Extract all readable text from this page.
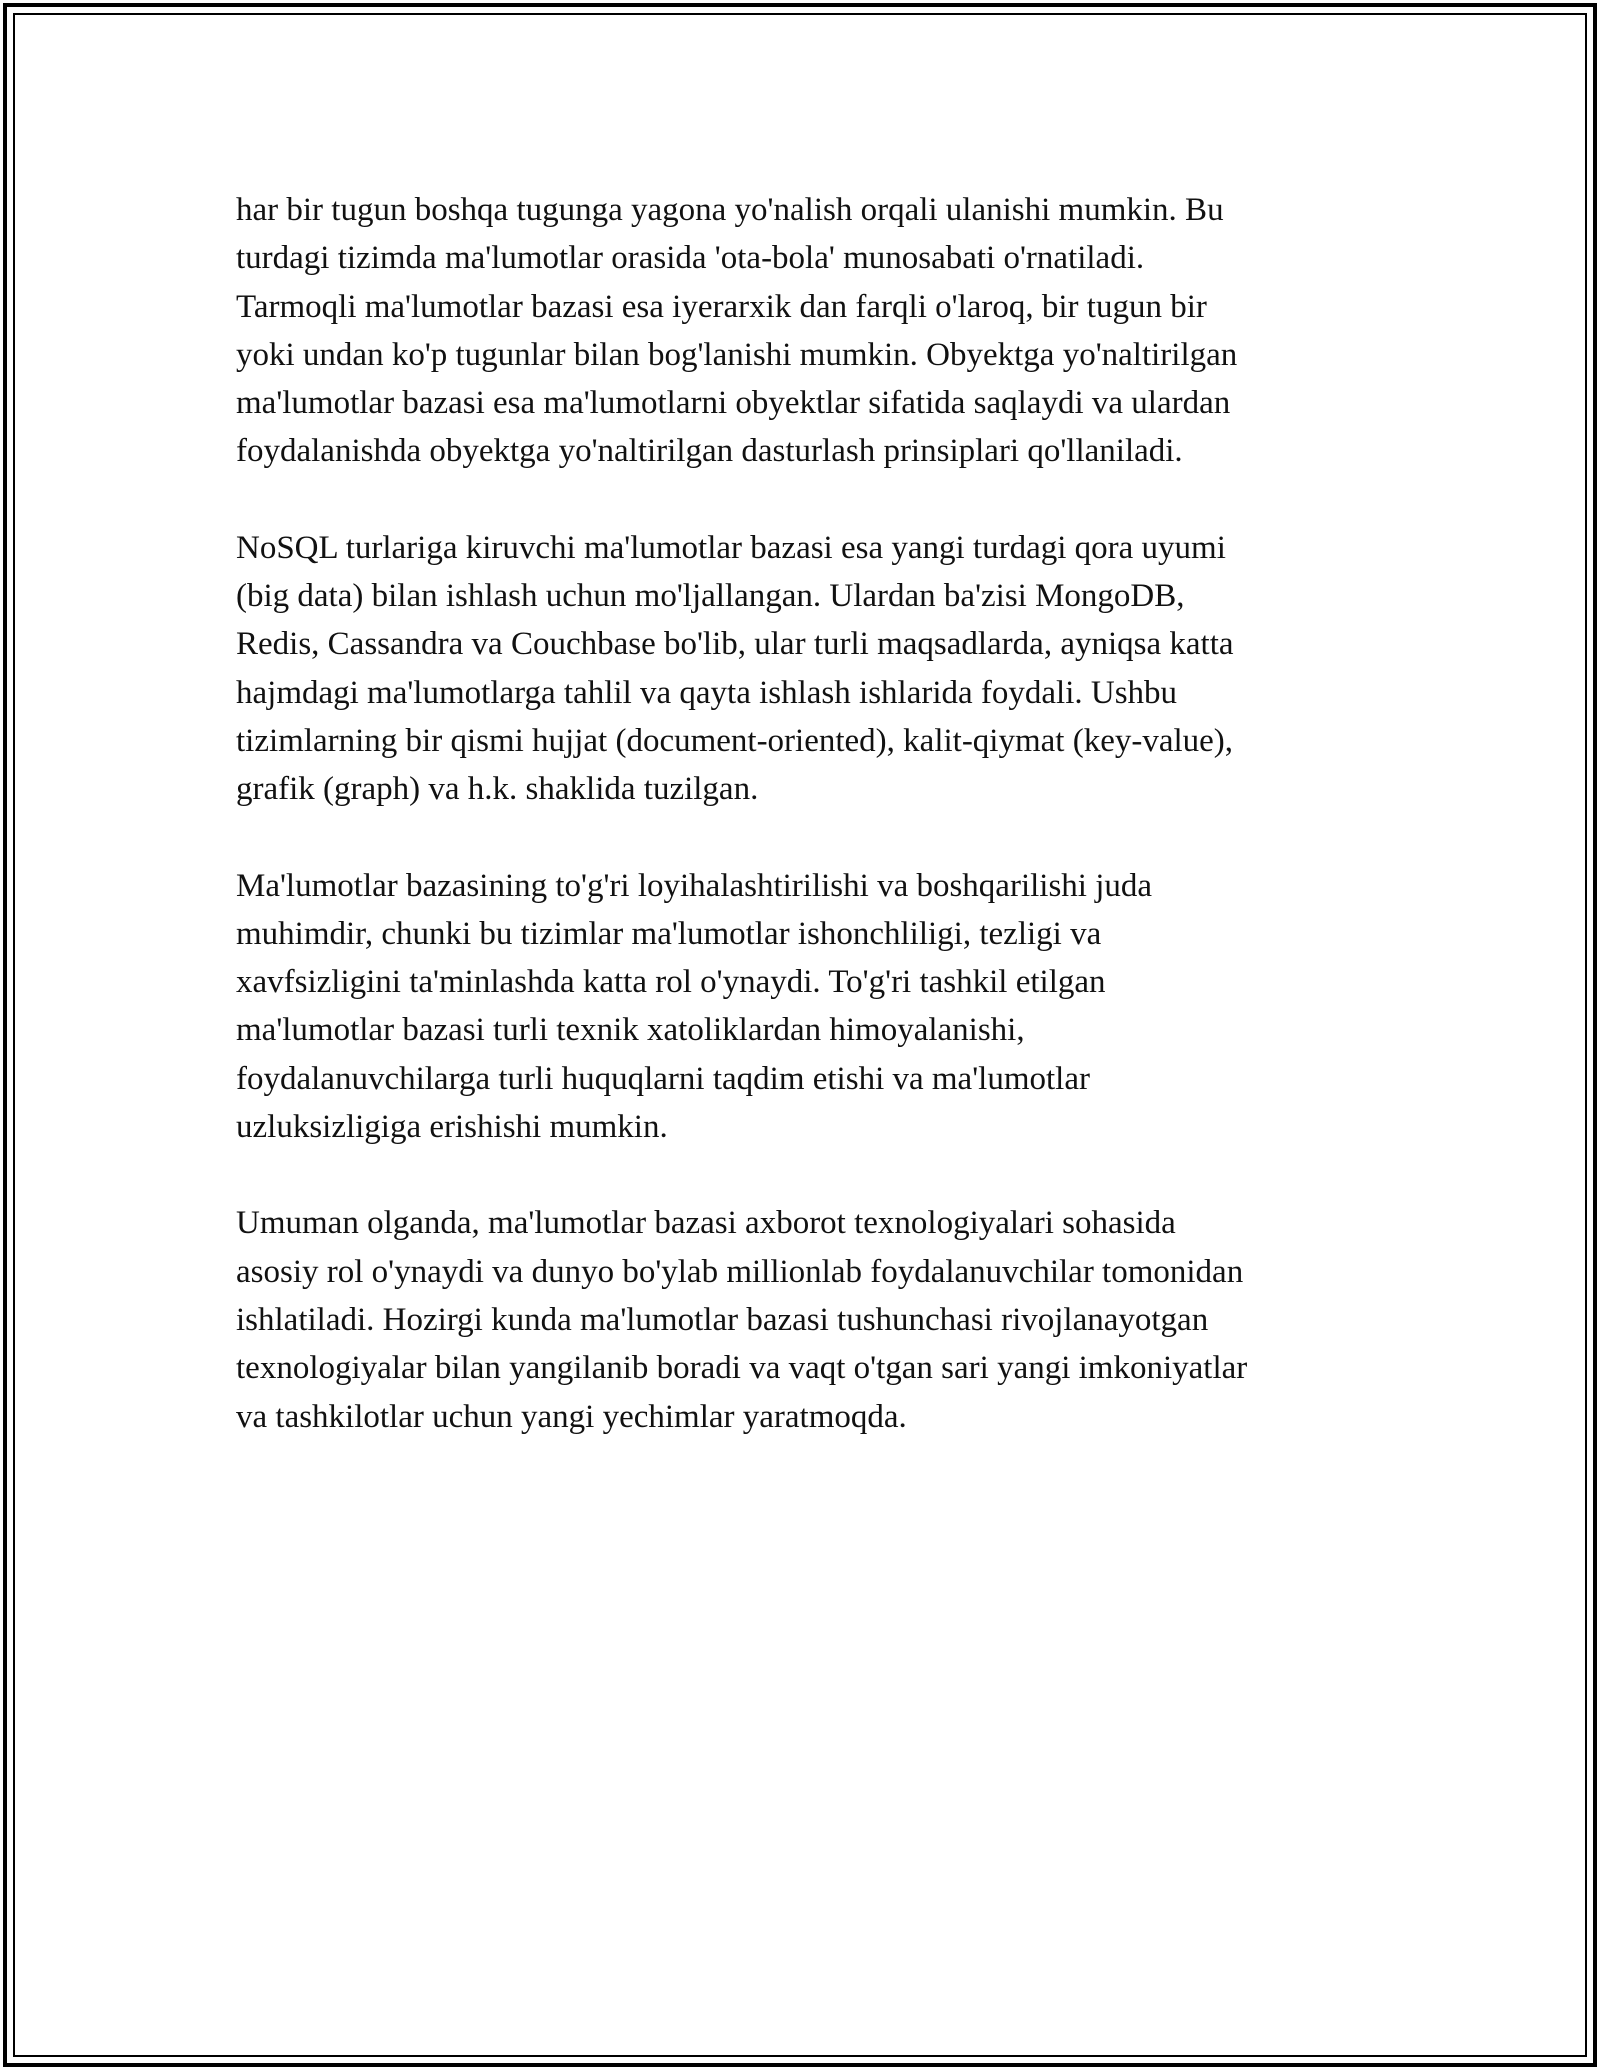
har bir tugun boshqa tugunga yagona yo'nalish orqali ulanishi mumkin. Bu
turdagi tizimda ma'lumotlar orasida 'ota-bola' munosabati o'rnatiladi.
Tarmoqli ma'lumotlar bazasi esa iyerarxik dan farqli o'laroq, bir tugun bir
yoki undan ko'p tugunlar bilan bog'lanishi mumkin. Obyektga yo'naltirilgan
ma'lumotlar bazasi esa ma'lumotlarni obyektlar sifatida saqlaydi va ulardan
foydalanishda obyektga yo'naltirilgan dasturlash prinsiplari qo'llaniladi.

NoSQL turlariga kiruvchi ma'lumotlar bazasi esa yangi turdagi qora uyumi
(big data) bilan ishlash uchun mo'ljallangan. Ulardan ba'zisi MongoDB,
Redis, Cassandra va Couchbase bo'lib, ular turli maqsadlarda, ayniqsa katta
hajmdagi ma'lumotlarga tahlil va qayta ishlash ishlarida foydali. Ushbu
tizimlarning bir qismi hujjat (document-oriented), kalit-qiymat (key-value),
grafik (graph) va h.k. shaklida tuzilgan.

Ma'lumotlar bazasining to'g'ri loyihalashtirilishi va boshqarilishi juda
muhimdir, chunki bu tizimlar ma'lumotlar ishonchliligi, tezligi va
xavfsizligini ta'minlashda katta rol o'ynaydi. To'g'ri tashkil etilgan
ma'lumotlar bazasi turli texnik xatoliklardan himoyalanishi,
foydalanuvchilarga turli huquqlarni taqdim etishi va ma'lumotlar
uzluksizligiga erishishi mumkin.

Umuman olganda, ma'lumotlar bazasi axborot texnologiyalari sohasida
asosiy rol o'ynaydi va dunyo bo'ylab millionlab foydalanuvchilar tomonidan
ishlatiladi. Hozirgi kunda ma'lumotlar bazasi tushunchasi rivojlanayotgan
texnologiyalar bilan yangilanib boradi va vaqt o'tgan sari yangi imkoniyatlar
va tashkilotlar uchun yangi yechimlar yaratmoqda.
